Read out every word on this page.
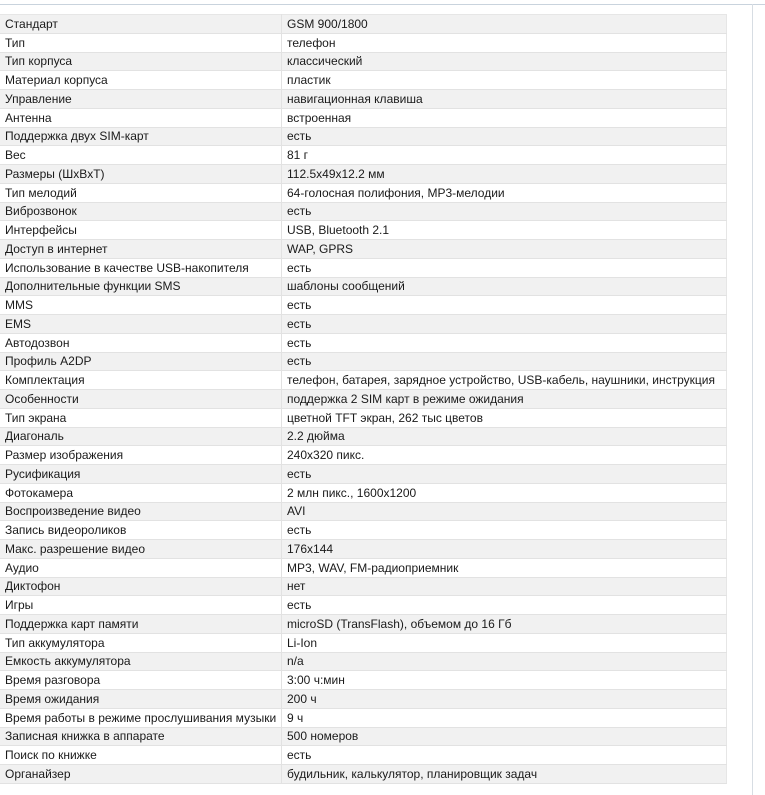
Стандарт	GSM 900/1800
Тип	телефон
Тип корпуса	классический
Материал корпуса	пластик
Управление	навигационная клавиша
Антенна	встроенная
Поддержка двух SIM-карт	есть
Вес	81 г
Размеры (ШxВxТ)	112.5x49x12.2 мм
Тип мелодий	64-голосная полифония, MP3-мелодии
Виброзвонок	есть
Интерфейсы	USB, Bluetooth 2.1
Доступ в интернет	WAP, GPRS
Использование в качестве USB-накопителя	есть
Дополнительные функции SMS	шаблоны сообщений
MMS	есть
EMS	есть
Автодозвон	есть
Профиль A2DP	есть
Комплектация	телефон, батарея, зарядное устройство, USB-кабель, наушники, инструкция
Особенности	поддержка 2 SIM карт в режиме ожидания
Тип экрана	цветной TFT экран, 262 тыс цветов
Диагональ	2.2 дюйма
Размер изображения	240x320 пикс.
Русификация	есть
Фотокамера	2 млн пикс., 1600x1200
Воспроизведение видео	AVI
Запись видеороликов	есть
Макс. разрешение видео	176x144
Аудио	MP3, WAV, FM-радиоприемник
Диктофон	нет
Игры	есть
Поддержка карт памяти	microSD (TransFlash), объемом до 16 Гб
Тип аккумулятора	Li-Ion
Емкость аккумулятора	n/a
Время разговора	3:00 ч:мин
Время ожидания	200 ч
Время работы в режиме прослушивания музыки	9 ч
Записная книжка в аппарате	500 номеров
Поиск по книжке	есть
Органайзер	будильник, калькулятор, планировщик задач
